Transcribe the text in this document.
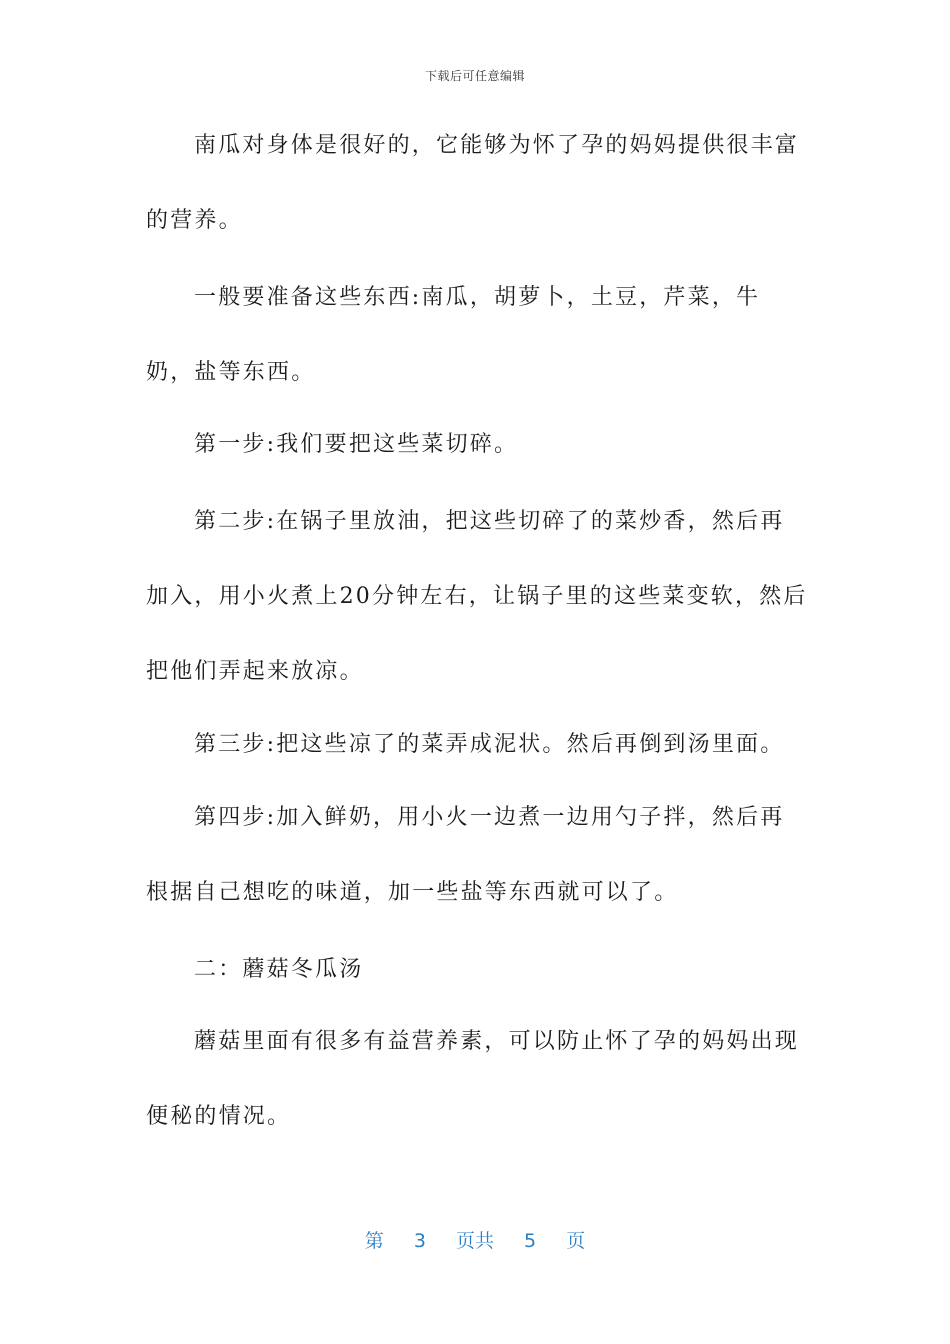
下载后可任意编辑

南瓜对身体是很好的，它能够为怀了孕的妈妈提供很丰富的营养。

一般要准备这些东西:南瓜，胡萝卜，土豆，芹菜，牛奶，盐等东西。

第一步:我们要把这些菜切碎。

第二步:在锅子里放油，把这些切碎了的菜炒香，然后再加入，用小火煮上20分钟左右，让锅子里的这些菜变软，然后把他们弄起来放凉。

第三步:把这些凉了的菜弄成泥状。然后再倒到汤里面。

第四步:加入鲜奶，用小火一边煮一边用勺子拌，然后再根据自己想吃的味道，加一些盐等东西就可以了。

二：蘑菇冬瓜汤

蘑菇里面有很多有益营养素，可以防止怀了孕的妈妈出现便秘的情况。

第 3 页共 5 页
